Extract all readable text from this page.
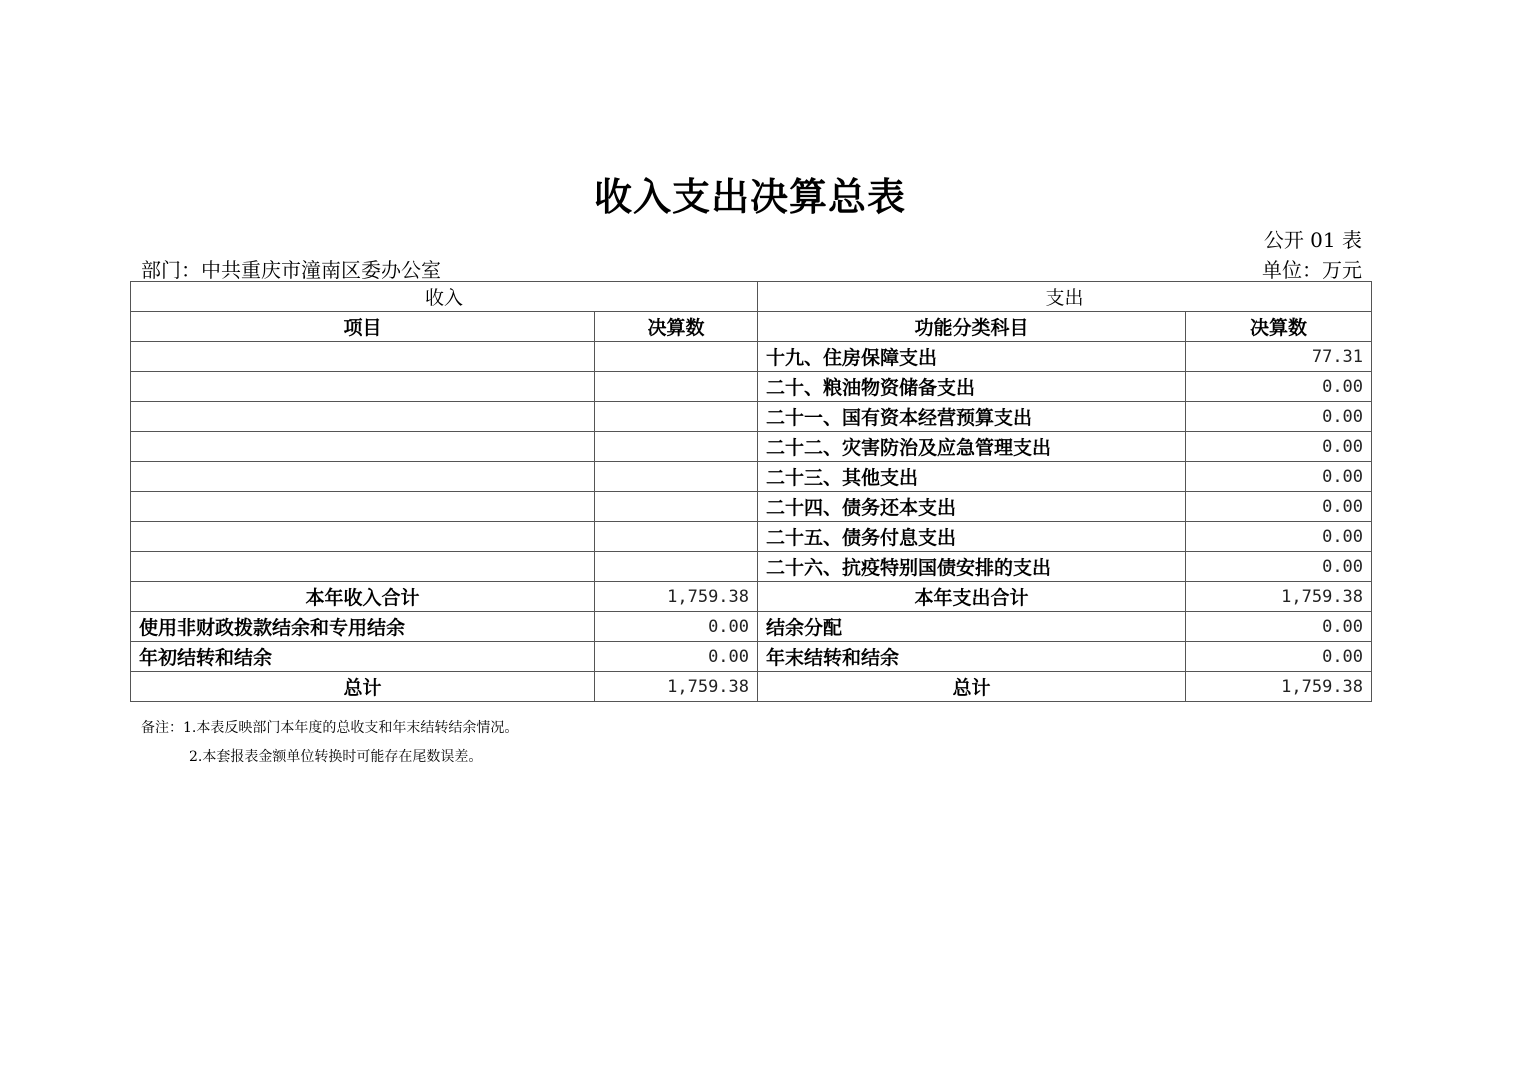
收入支出决算总表
公开 01 表
部门：中共重庆市潼南区委办公室	单位：万元
收入		支出	
项目	决算数	功能分类科目	决算数
		十九、住房保障支出	77.31
		二十、粮油物资储备支出	0.00
		二十一、国有资本经营预算支出	0.00
		二十二、灾害防治及应急管理支出	0.00
		二十三、其他支出	0.00
		二十四、债务还本支出	0.00
		二十五、债务付息支出	0.00
		二十六、抗疫特别国债安排的支出	0.00
本年收入合计	1,759.38	本年支出合计	1,759.38
使用非财政拨款结余和专用结余	0.00	结余分配	0.00
年初结转和结余	0.00	年末结转和结余	0.00
总计	1,759.38	总计	1,759.38
备注：1.本表反映部门本年度的总收支和年末结转结余情况。
2.本套报表金额单位转换时可能存在尾数误差。
